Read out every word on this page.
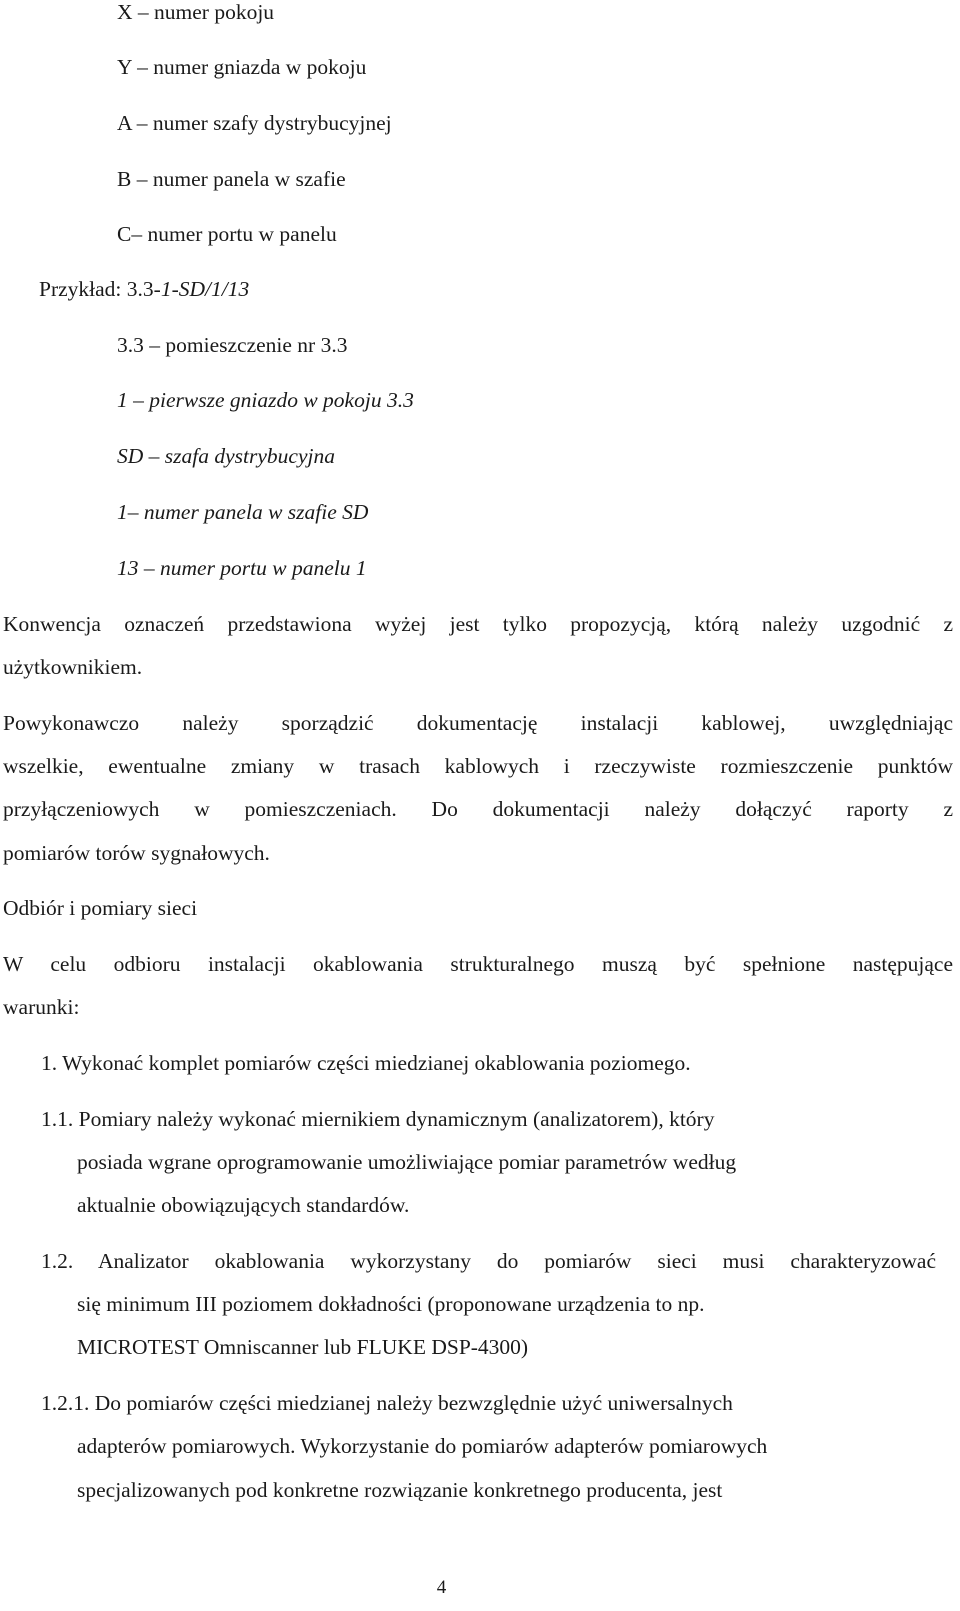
X – numer pokoju
Y – numer gniazda w pokoju
A – numer szafy dystrybucyjnej
B – numer panela w szafie
C– numer portu w panelu
Przykład: 3.3-1-SD/1/13
3.3 – pomieszczenie nr 3.3
1 – pierwsze gniazdo w pokoju 3.3
SD – szafa dystrybucyjna
1– numer panela w szafie SD
13 – numer portu w panelu 1
Konwencja oznaczeń przedstawiona wyżej jest tylko propozycją, którą należy uzgodnić z
użytkownikiem.
Powykonawczo należy sporządzić dokumentację instalacji kablowej, uwzględniając
wszelkie, ewentualne zmiany w trasach kablowych i rzeczywiste rozmieszczenie punktów
przyłączeniowych w pomieszczeniach. Do dokumentacji należy dołączyć raporty z
pomiarów torów sygnałowych.
Odbiór i pomiary sieci
W celu odbioru instalacji okablowania strukturalnego muszą być spełnione następujące
warunki:
1. Wykonać komplet pomiarów części miedzianej okablowania poziomego.
1.1. Pomiary należy wykonać miernikiem dynamicznym (analizatorem), który
posiada wgrane oprogramowanie umożliwiające pomiar parametrów według
aktualnie obowiązujących standardów.
1.2. Analizator okablowania wykorzystany do pomiarów sieci musi charakteryzować
się minimum III poziomem dokładności (proponowane urządzenia to np.
MICROTEST Omniscanner lub FLUKE DSP-4300)
1.2.1. Do pomiarów części miedzianej należy bezwzględnie użyć uniwersalnych
adapterów pomiarowych. Wykorzystanie do pomiarów adapterów pomiarowych
specjalizowanych pod konkretne rozwiązanie konkretnego producenta, jest
4
